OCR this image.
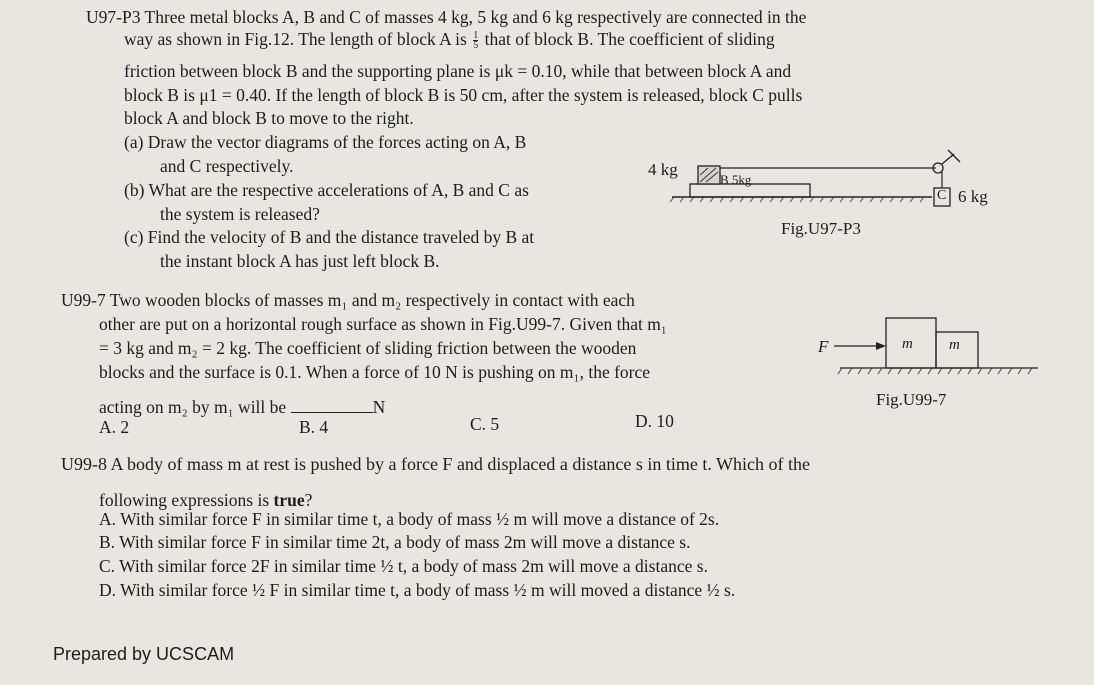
U97-P3 Three metal blocks A, B and C of masses 4 kg, 5 kg and 6 kg respectively are connected in the
way as shown in Fig.12. The length of block A is $\frac{1}{5}$ that of block B. The coefficient of sliding
friction between block B and the supporting plane is μk = 0.10, while that between block A and
block B is μ1 = 0.40. If the length of block B is 50 cm, after the system is released, block C pulls
block A and block B to move to the right.
(a) Draw the vector diagrams of the forces acting on A, B
and C respectively.
(b) What are the respective accelerations of A, B and C as
the system is released?
(c) Find the velocity of B and the distance traveled by B at
the instant block A has just left block B.
4 kg
B 5kg
C 6 kg
Fig.U97-P3
U99-7 Two wooden blocks of masses m₁ and m₂ respectively in contact with each
other are put on a horizontal rough surface as shown in Fig.U99-7. Given that m₁
= 3 kg and m₂ = 2 kg. The coefficient of sliding friction between the wooden
blocks and the surface is 0.1. When a force of 10 N is pushing on m₁, the force
acting on m₂ by m₁ will be	N
A. 2	B. 4	C. 5	D. 10
F	m m
Fig.U99-7
U99-8 A body of mass m at rest is pushed by a force F and displaced a distance s in time t. Which of the
following expressions is true?
A. With similar force F in similar time t, a body of mass ½ m will move a distance of 2s.
B. With similar force F in similar time 2t, a body of mass 2m will move a distance s.
C. With similar force 2F in similar time ½ t, a body of mass 2m will move a distance s.
D. With similar force ½ F in similar time t, a body of mass ½ m will moved a distance ½ s.
Prepared by UCSCAM
